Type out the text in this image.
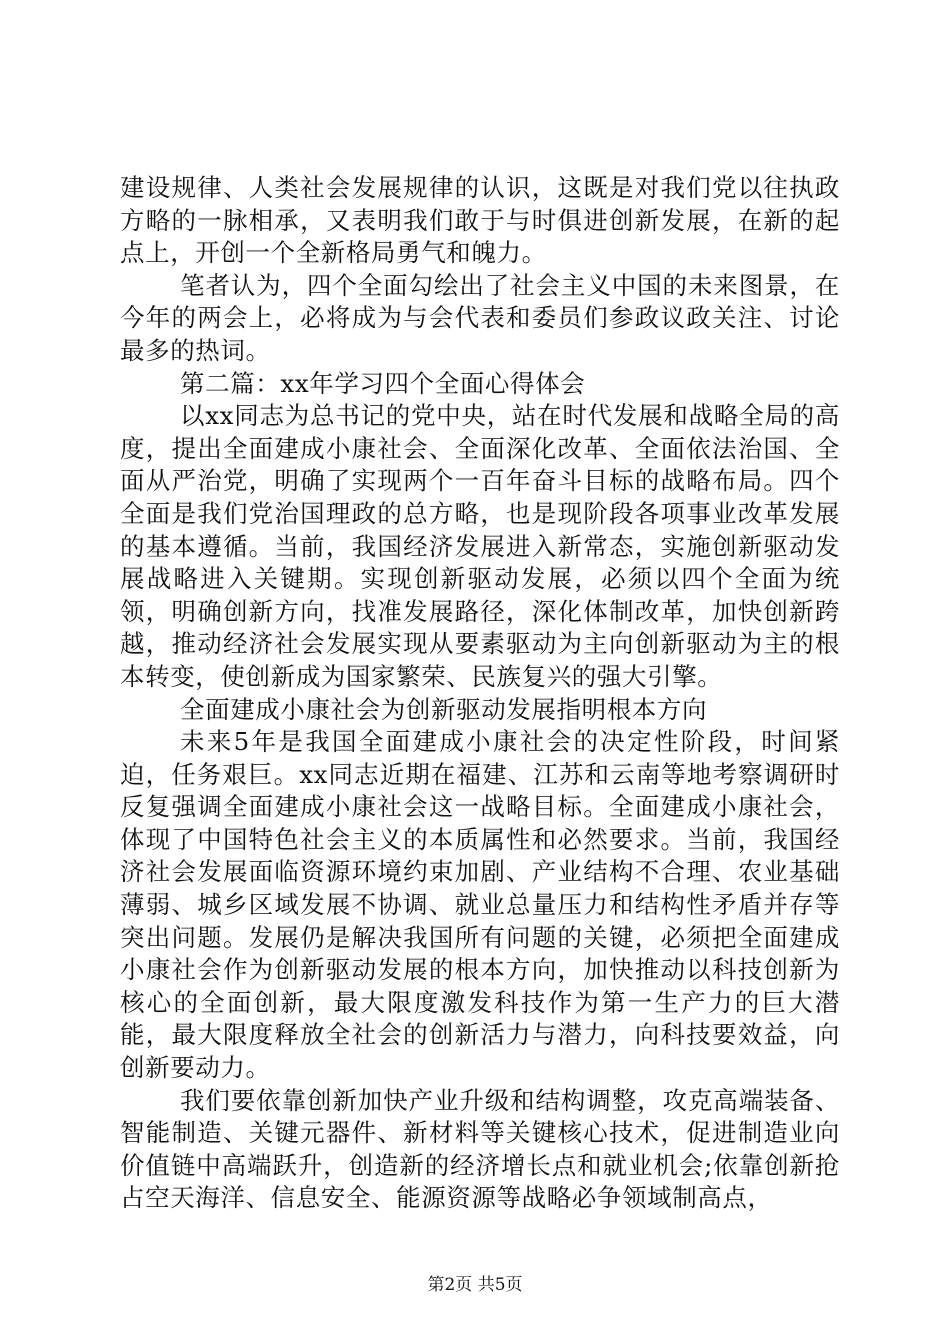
建设规律、人类社会发展规律的认识，这既是对我们党以往执政方略的一脉相承，又表明我们敢于与时俱进创新发展，在新的起点上，开创一个全新格局勇气和魄力。

笔者认为，四个全面勾绘出了社会主义中国的未来图景，在今年的两会上，必将成为与会代表和委员们参政议政关注、讨论最多的热词。

第二篇：xx年学习四个全面心得体会

以xx同志为总书记的党中央，站在时代发展和战略全局的高度，提出全面建成小康社会、全面深化改革、全面依法治国、全面从严治党，明确了实现两个一百年奋斗目标的战略布局。四个全面是我们党治国理政的总方略，也是现阶段各项事业改革发展的基本遵循。当前，我国经济发展进入新常态，实施创新驱动发展战略进入关键期。实现创新驱动发展，必须以四个全面为统领，明确创新方向，找准发展路径，深化体制改革，加快创新跨越，推动经济社会发展实现从要素驱动为主向创新驱动为主的根本转变，使创新成为国家繁荣、民族复兴的强大引擎。

全面建成小康社会为创新驱动发展指明根本方向

未来5年是我国全面建成小康社会的决定性阶段，时间紧迫，任务艰巨。xx同志近期在福建、江苏和云南等地考察调研时反复强调全面建成小康社会这一战略目标。全面建成小康社会，体现了中国特色社会主义的本质属性和必然要求。当前，我国经济社会发展面临资源环境约束加剧、产业结构不合理、农业基础薄弱、城乡区域发展不协调、就业总量压力和结构性矛盾并存等突出问题。发展仍是解决我国所有问题的关键，必须把全面建成小康社会作为创新驱动发展的根本方向，加快推动以科技创新为核心的全面创新，最大限度激发科技作为第一生产力的巨大潜能，最大限度释放全社会的创新活力与潜力，向科技要效益，向创新要动力。

我们要依靠创新加快产业升级和结构调整，攻克高端装备、智能制造、关键元器件、新材料等关键核心技术，促进制造业向价值链中高端跃升，创造新的经济增长点和就业机会;依靠创新抢占空天海洋、信息安全、能源资源等战略必争领域制高点，

第2页 共5页
